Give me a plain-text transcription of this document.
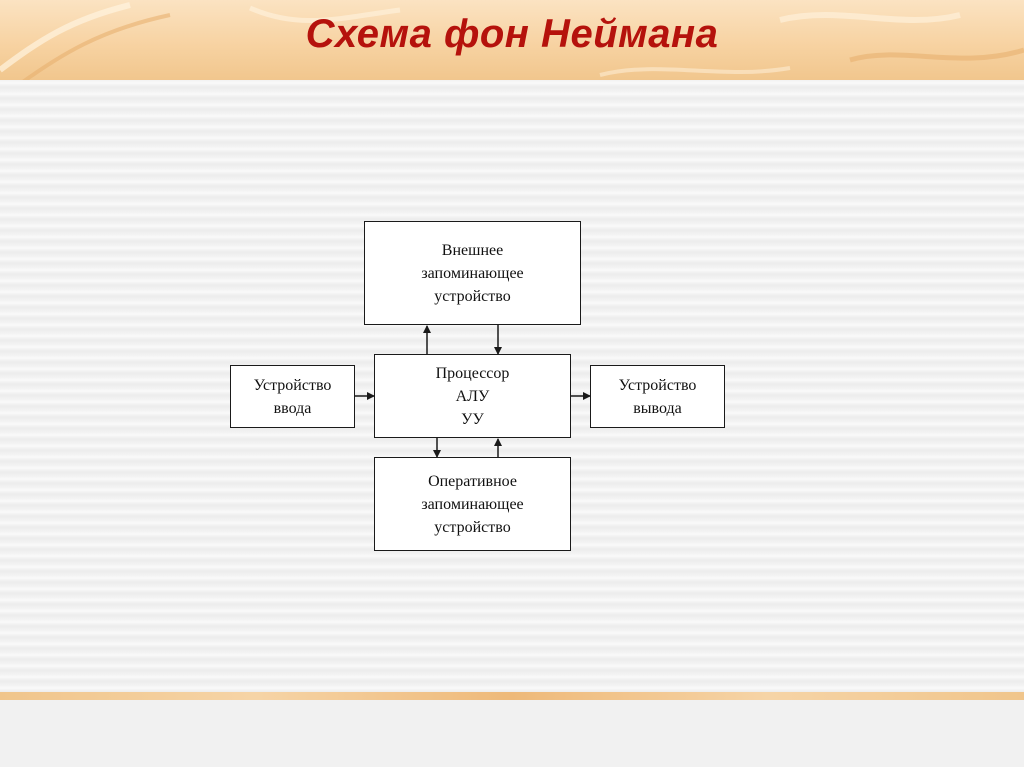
Схема фон Неймана
Внешнее
запоминающее
устройство
Процессор
АЛУ
УУ
Устройство
ввода
Устройство
вывода
Оперативное
запоминающее
устройство
